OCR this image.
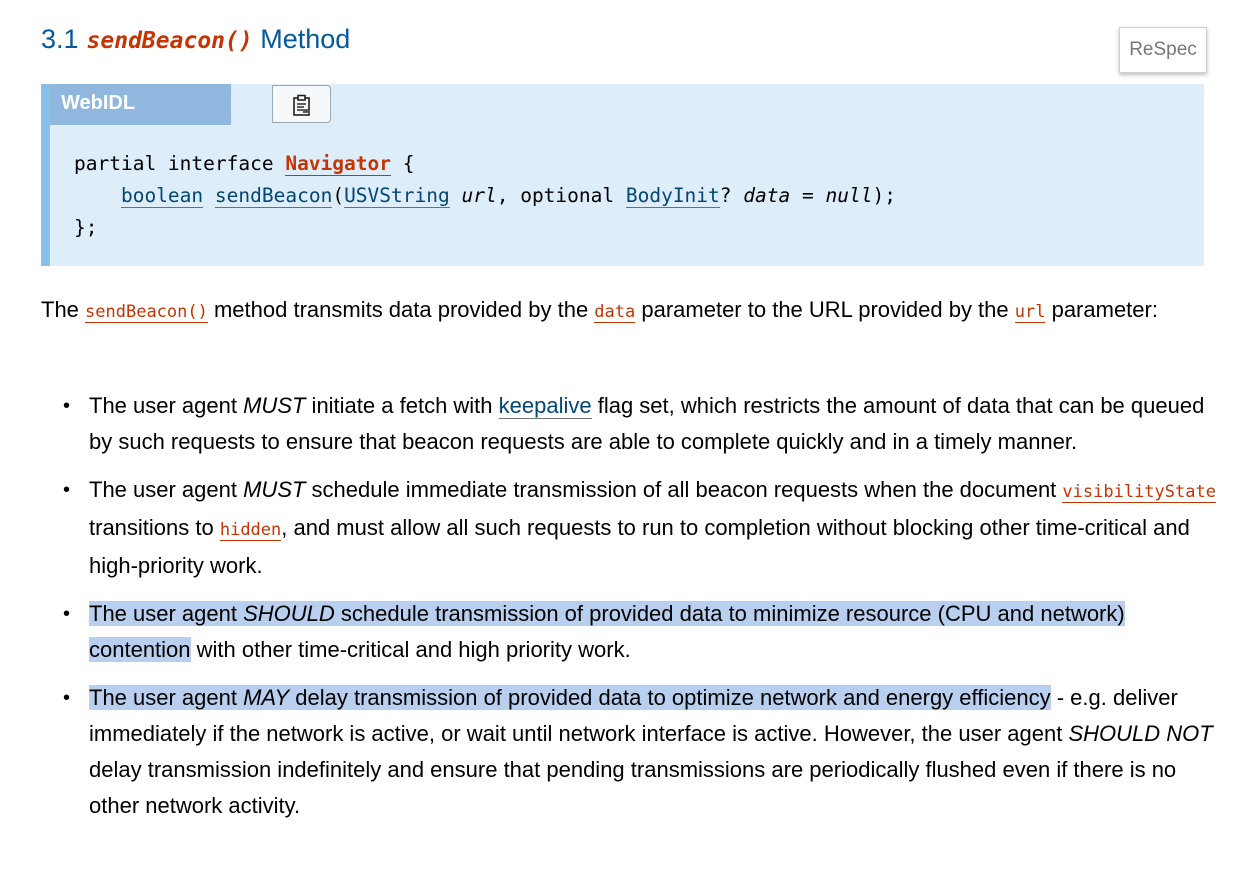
3.1 sendBeacon() Method	ReSpec
WebIDL
partial interface Navigator {
boolean sendBeacon(USVString url, optional BodyInit? data = null);
};

The sendBeacon() method transmits data provided by the data parameter to the URL provided by the url parameter:

• The user agent MUST initiate a fetch with keepalive flag set, which restricts the amount of data that can be queued by such requests to ensure that beacon requests are able to complete quickly and in a timely manner.
• The user agent MUST schedule immediate transmission of all beacon requests when the document visibilityState transitions to hidden, and must allow all such requests to run to completion without blocking other time-critical and high-priority work.
• The user agent SHOULD schedule transmission of provided data to minimize resource (CPU and network) contention with other time-critical and high priority work.
• The user agent MAY delay transmission of provided data to optimize network and energy efficiency - e.g. deliver immediately if the network is active, or wait until network interface is active. However, the user agent SHOULD NOT delay transmission indefinitely and ensure that pending transmissions are periodically flushed even if there is no other network activity.
